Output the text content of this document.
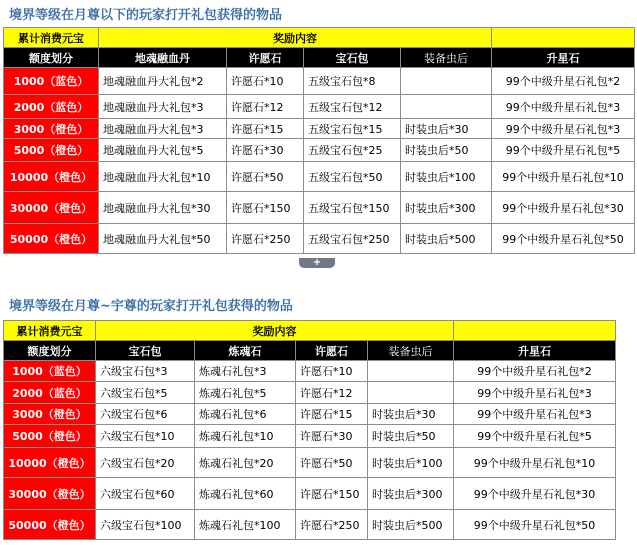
境界等级在月尊以下的玩家打开礼包获得的物品
累计消费元宝	奖励内容				
额度划分	地魂融血丹	许愿石	宝石包	装备虫后	升星石
1000（蓝色）	地魂融血丹大礼包*2	许愿石*10	五级宝石包*8		99个中级升星石礼包*2
2000（蓝色）	地魂融血丹大礼包*3	许愿石*12	五级宝石包*12		99个中级升星石礼包*3
3000（橙色）	地魂融血丹大礼包*3	许愿石*15	五级宝石包*15	时装虫后*30	99个中级升星石礼包*3
5000（橙色）	地魂融血丹大礼包*5	许愿石*30	五级宝石包*25	时装虫后*50	99个中级升星石礼包*5
10000（橙色）	地魂融血丹大礼包*10	许愿石*50	五级宝石包*50	时装虫后*100	99个中级升星石礼包*10
30000（橙色）	地魂融血丹大礼包*30	许愿石*150	五级宝石包*150	时装虫后*300	99个中级升星石礼包*30
50000（橙色）	地魂融血丹大礼包*50	许愿石*250	五级宝石包*250	时装虫后*500	99个中级升星石礼包*50
+
境界等级在月尊~宇尊的玩家打开礼包获得的物品
累计消费元宝	奖励内容				
额度划分	宝石包	炼魂石	许愿石	装备虫后	升星石
1000（蓝色）	六级宝石包*3	炼魂石礼包*3	许愿石*10		99个中级升星石礼包*2
2000（蓝色）	六级宝石包*5	炼魂石礼包*5	许愿石*12		99个中级升星石礼包*3
3000（橙色）	六级宝石包*6	炼魂石礼包*6	许愿石*15	时装虫后*30	99个中级升星石礼包*3
5000（橙色）	六级宝石包*10	炼魂石礼包*10	许愿石*30	时装虫后*50	99个中级升星石礼包*5
10000（橙色）	六级宝石包*20	炼魂石礼包*20	许愿石*50	时装虫后*100	99个中级升星石礼包*10
30000（橙色）	六级宝石包*60	炼魂石礼包*60	许愿石*150	时装虫后*300	99个中级升星石礼包*30
50000（橙色）	六级宝石包*100	炼魂石礼包*100	许愿石*250	时装虫后*500	99个中级升星石礼包*50
